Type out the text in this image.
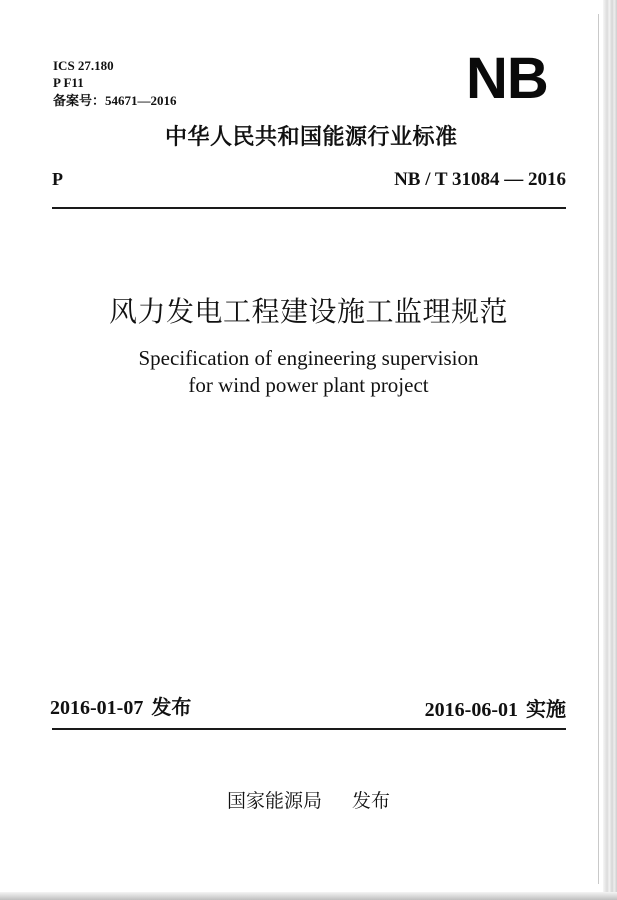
ICS 27.180
P F11
备案号：54671—2016	NB
中华人民共和国能源行业标准
P	NB / T 31084 — 2016
风力发电工程建设施工监理规范
Specification of engineering supervision
for wind power plant project
2016-01-07 发布	2016-06-01 实施
国家能源局 发布
